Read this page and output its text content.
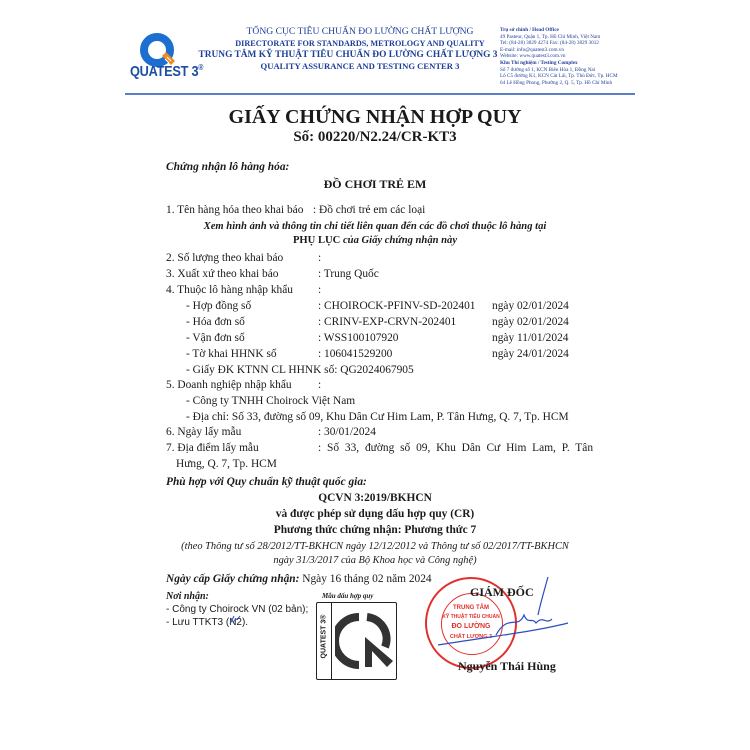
QUATEST 3®
TỔNG CỤC TIÊU CHUẨN ĐO LƯỜNG CHẤT LƯỢNG
DIRECTORATE FOR STANDARDS, METROLOGY AND QUALITY
TRUNG TÂM KỸ THUẬT TIÊU CHUẨN ĐO LƯỜNG CHẤT LƯỢNG 3
QUALITY ASSURANCE AND TESTING CENTER 3
Trụ sở chính / Head Office
49 Pasteur, Quận 1, Tp. Hồ Chí Minh, Việt Nam
Tel: (84-28) 3829 4274 Fax: (84-28) 3829 3012
E-mail: info@quatest3.com.vn
Website: www.quatest3.com.vn
Khu Thí nghiệm / Testing Complex
Số 7 đường số 1, KCN Biên Hòa 1, Đồng Nai
Lô C5 đường K1, KCN Cát Lái, Tp. Thủ Đức, Tp. HCM
64 Lê Hồng Phong, Phường 2, Q. 5, Tp. Hồ Chí Minh
GIẤY CHỨNG NHẬN HỢP QUY
Số: 00220/N2.24/CR-KT3
Chứng nhận lô hàng hóa:
ĐỒ CHƠI TRẺ EM
1. Tên hàng hóa theo khai báo : Đồ chơi trẻ em các loại
Xem hình ảnh và thông tin chi tiết liên quan đến các đồ chơi thuộc lô hàng tại
PHỤ LỤC của Giấy chứng nhận này
2. Số lượng theo khai báo	:
3. Xuất xứ theo khai báo	: Trung Quốc
4. Thuộc lô hàng nhập khẩu :
- Hợp đồng số	: CHOIROCK-PFINV-SD-202401 ngày 02/01/2024
- Hóa đơn số	: CRINV-EXP-CRVN-202401	ngày 02/01/2024
- Vận đơn số	: WSS100107920	ngày 11/01/2024
- Tờ khai HHNK số	: 106041529200	ngày 24/01/2024
- Giấy ĐK KTNN CL HHNK số: QG2024067905
5. Doanh nghiệp nhập khẩu :
- Công ty TNHH Choirock Việt Nam
- Địa chỉ: Số 33, đường số 09, Khu Dân Cư Him Lam, P. Tân Hưng, Q. 7, Tp. HCM
6. Ngày lấy mẫu	: 30/01/2024
7. Địa điểm lấy mẫu	: Số 33, đường số 09, Khu Dân Cư Him Lam, P. Tân
Hưng, Q. 7, Tp. HCM
Phù hợp với Quy chuẩn kỹ thuật quốc gia:
QCVN 3:2019/BKHCN
và được phép sử dụng dấu hợp quy (CR)
Phương thức chứng nhận: Phương thức 7
(theo Thông tư số 28/2012/TT-BKHCN ngày 12/12/2012 và Thông tư số 02/2017/TT-BKHCN
ngày 31/3/2017 của Bộ Khoa học và Công nghệ)
Ngày cấp Giấy chứng nhận: Ngày 16 tháng 02 năm 2024
Nơi nhận:
- Công ty Choirock VN (02 bản);
- Lưu TTKT3 (N2).
Mẫu dấu hợp quy
QUATEST 3®
TRUNG TÂM
KỸ THUẬT TIÊU CHUẨN
ĐO LƯỜNG
CHẤT LƯỢNG 3
GIÁM ĐỐC
Nguyễn Thái Hùng
